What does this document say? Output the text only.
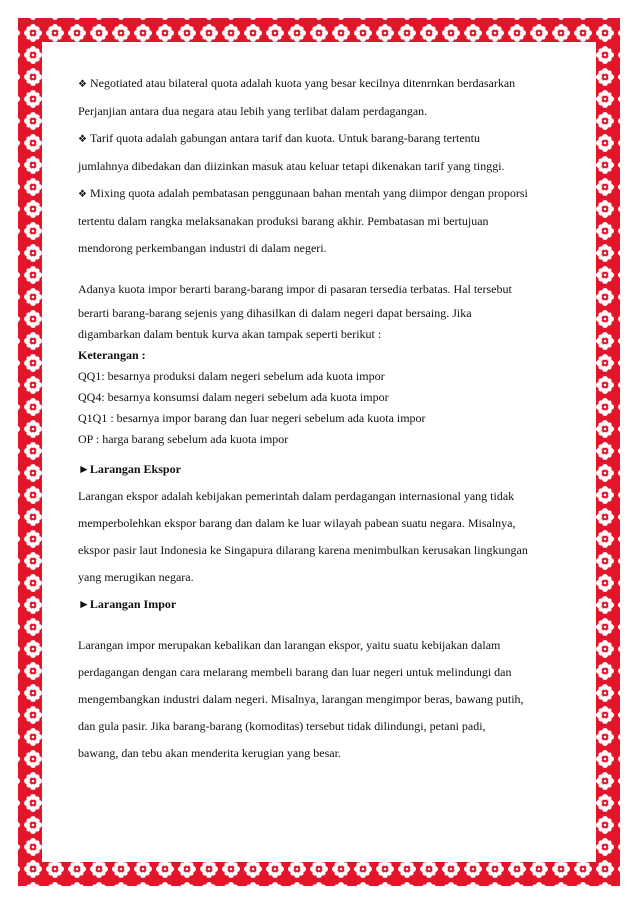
❖ Negotiated atau bilateral quota adalah kuota yang besar kecilnya ditenrnkan berdasarkan

Perjanjian antara dua negara atau lebih yang terlibat dalam perdagangan.

❖ Tarif quota adalah gabungan antara tarif dan kuota. Untuk barang-barang tertentu

jumlahnya dibedakan dan diizinkan masuk atau keluar tetapi dikenakan tarif yang tinggi.

❖ Mixing quota adalah pembatasan penggunaan bahan mentah yang diimpor dengan proporsi

tertentu dalam rangka melaksanakan produksi barang akhir. Pembatasan mi bertujuan

mendorong perkembangan industri di dalam negeri.

Adanya kuota impor berarti barang-barang impor di pasaran tersedia terbatas. Hal tersebut

berarti barang-barang sejenis yang dihasilkan di dalam negeri dapat bersaing. Jika

digambarkan dalam bentuk kurva akan tampak seperti berikut :

Keterangan :

QQ1: besarnya produksi dalam negeri sebelum ada kuota impor

QQ4: besarnya konsumsi dalam negeri sebelum ada kuota impor

Q1Q1 : besarnya impor barang dan luar negeri sebelum ada kuota impor

OP : harga barang sebelum ada kuota impor

►Larangan Ekspor

Larangan ekspor adalah kebijakan pemerintah dalam perdagangan internasional yang tidak

memperbolehkan ekspor barang dan dalam ke luar wilayah pabean suatu negara. Misalnya,

ekspor pasir laut Indonesia ke Singapura dilarang karena menimbulkan kerusakan lingkungan

yang merugikan negara.

►Larangan Impor

Larangan impor merupakan kebalikan dan larangan ekspor, yaitu suatu kebijakan dalam

perdagangan dengan cara melarang membeli barang dan luar negeri untuk melindungi dan

mengembangkan industri dalam negeri. Misalnya, larangan mengimpor beras, bawang putih,

dan gula pasir. Jika barang-barang (komoditas) tersebut tidak dilindungi, petani padi,

bawang, dan tebu akan menderita kerugian yang besar.
